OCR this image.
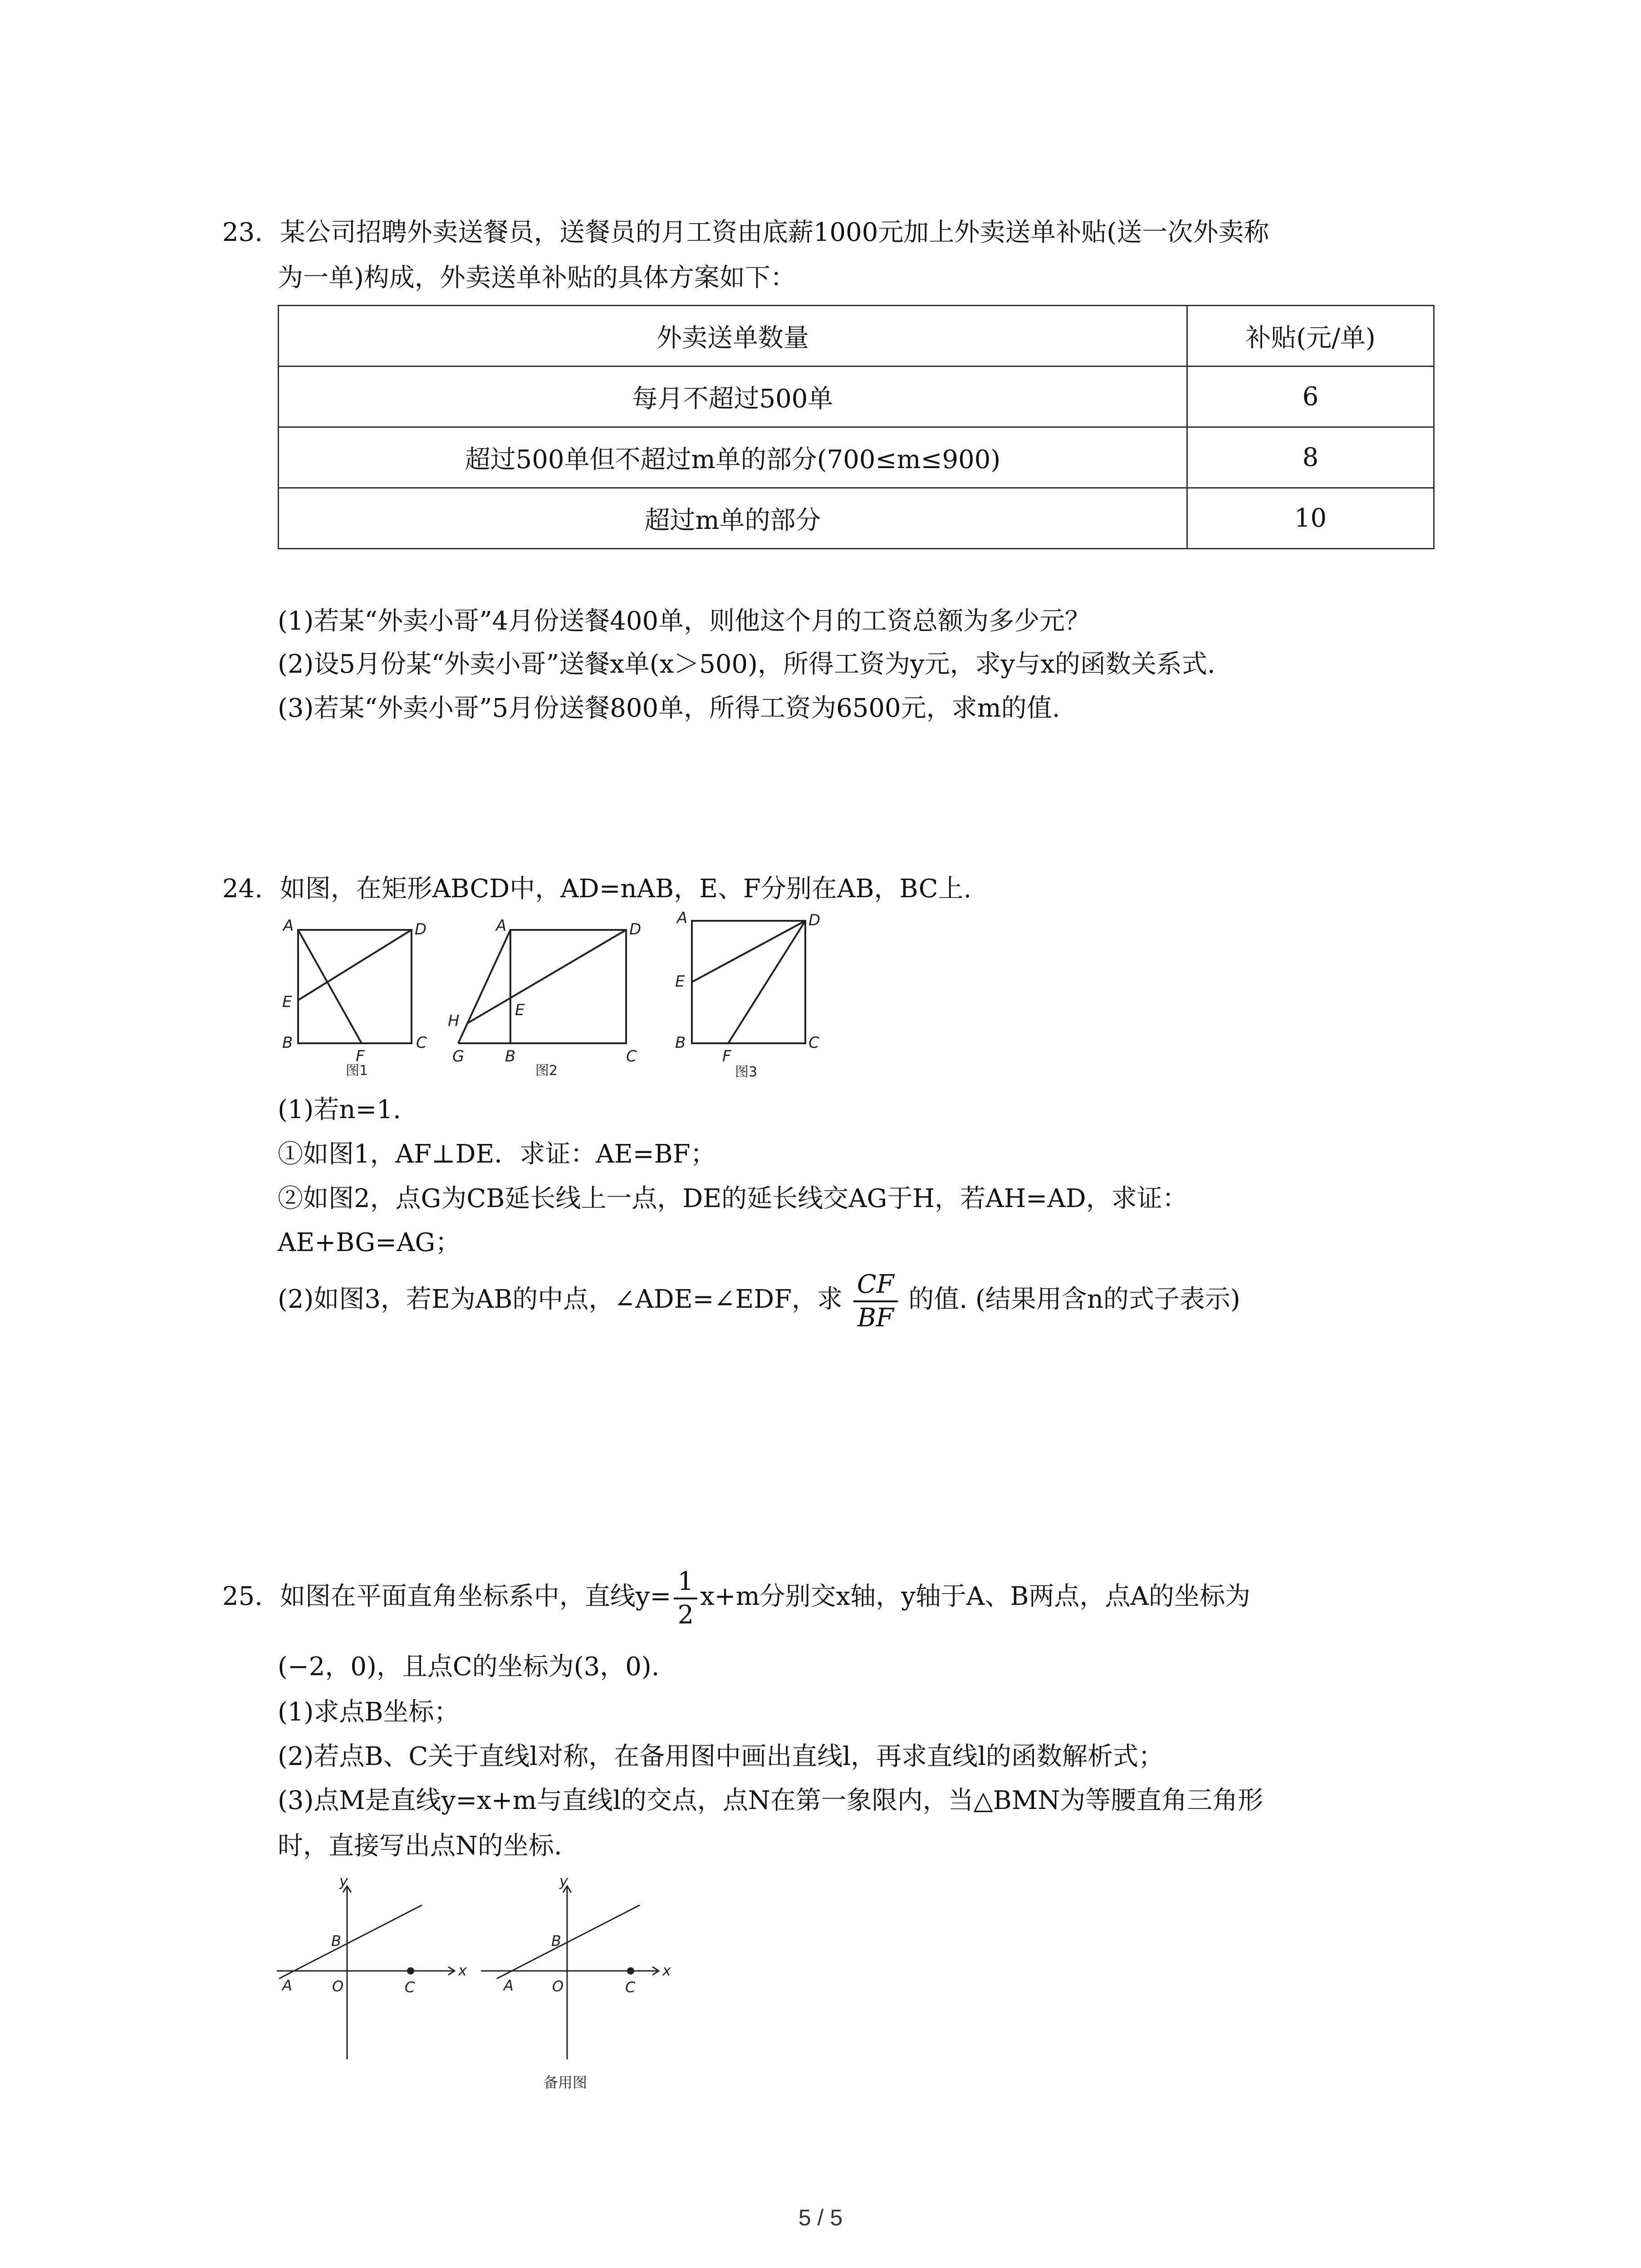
23. 某公司招聘外卖送餐员，送餐员的月工资由底薪1000元加上外卖送单补贴(送一次外卖称
为一单)构成，外卖送单补贴的具体方案如下：
外卖送单数量	补贴(元/单)
每月不超过500单	6
超过500单但不超过m单的部分(700≤m≤900)	8
超过m单的部分	10
(1)若某“外卖小哥”4月份送餐400单，则他这个月的工资总额为多少元？
(2)设5月份某“外卖小哥”送餐x单(x＞500)，所得工资为y元，求y与x的函数关系式.
(3)若某“外卖小哥”5月份送餐800单，所得工资为6500元，求m的值.
24. 如图，在矩形ABCD中，AD=nAB，E、F分别在AB，BC上.
A	D
E
B
F
C
图1
A	D
H
E
G	B	C
图2
A	D
E
B
F
C
图3
(1)若n=1.
①如图1，AF⊥DE．求证：AE=BF；
②如图2，点G为CB延长线上一点，DE的延长线交AG于H，若AH=AD，求证：
AE+BG=AG；
(2)如图3，若E为AB的中点，∠ADE=∠EDF，求 $\frac{CF}{BF}$ 的值. (结果用含n的式子表示)
25. 如图在平面直角坐标系中，直线$y= \frac{1}{2} x+m$分别交x轴，y轴于A、B两点，点A的坐标为
(−2，0)，且点C的坐标为(3，0).
(1)求点B坐标；
(2)若点B、C关于直线l对称，在备用图中画出直线l，再求直线l的函数解析式；
(3)点M是直线y=x+m与直线l的交点，点N在第一象限内，当△BMN为等腰直角三角形
时，直接写出点N的坐标.
y
x
A
B
O	C
y
x
A
B
O	C
备用图
5 / 5
